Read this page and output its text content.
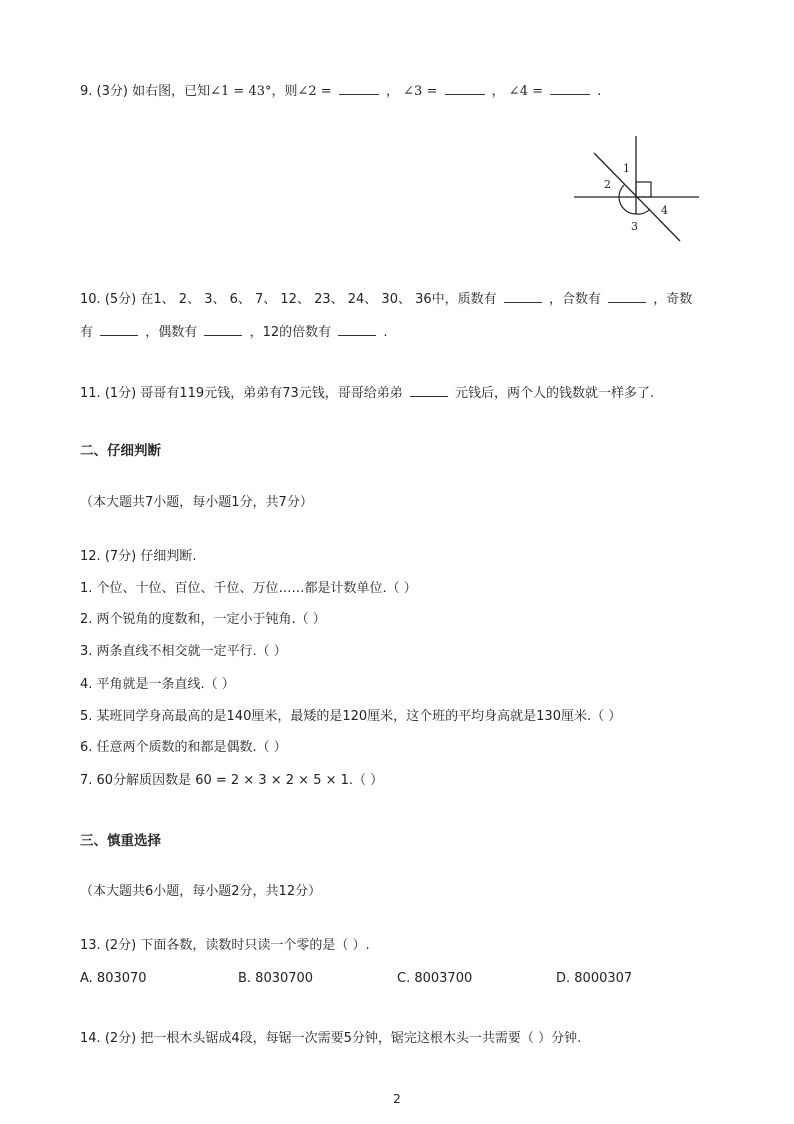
9. (3分) 如右图，已知∠1 = 43°，则∠2 =	， ∠3 =	， ∠4 =	.
1
2
3
4
10. (5分) 在1、 2、 3、 6、 7、 12、 23、 24、 30、 36中，质数有	，合数有	，奇数
有	，偶数有	，12的倍数有	.
11. (1分) 哥哥有119元钱，弟弟有73元钱，哥哥给弟弟	元钱后，两个人的钱数就一样多了.
二、仔细判断
（本大题共7小题，每小题1分，共7分）
12. (7分) 仔细判断.
1. 个位、十位、百位、千位、万位……都是计数单位.（ ）
2. 两个锐角的度数和，一定小于钝角.（ ）
3. 两条直线不相交就一定平行.（ ）
4. 平角就是一条直线.（ ）
5. 某班同学身高最高的是140厘米，最矮的是120厘米，这个班的平均身高就是130厘米.（ ）
6. 任意两个质数的和都是偶数.（ ）
7. 60分解质因数是 60 = 2 × 3 × 2 × 5 × 1.（ ）
三、慎重选择
（本大题共6小题，每小题2分，共12分）
13. (2分) 下面各数，读数时只读一个零的是（ ）.
A. 803070	B. 8030700	C. 8003700	D. 8000307
14. (2分) 把一根木头锯成4段，每锯一次需要5分钟，锯完这根木头一共需要（ ）分钟.
2
